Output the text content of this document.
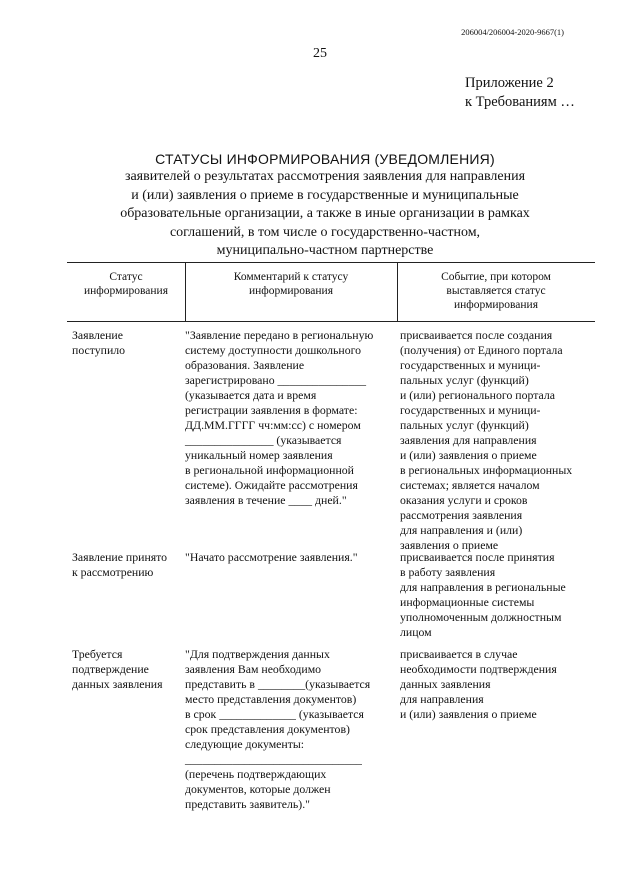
206004/206004-2020-9667(1)
25
Приложение 2
к Требованиям …
СТАТУСЫ ИНФОРМИРОВАНИЯ (УВЕДОМЛЕНИЯ)
заявителей о результатах рассмотрения заявления для направления
и (или) заявления о приеме в государственные и муниципальные
образовательные организации, а также в иные организации в рамках
соглашений, в том числе о государственно-частном,
муниципально-частном партнерстве
Статус
информирования
Комментарий к статусу
информирования
Событие, при котором
выставляется статус
информирования
Заявление
поступило
"Заявление передано в региональную
систему доступности дошкольного
образования. Заявление
зарегистрировано _______________
(указывается дата и время
регистрации заявления в формате:
ДД.ММ.ГГГГ чч:мм:сс) с номером
_______________ (указывается
уникальный номер заявления
в региональной информационной
системе). Ожидайте рассмотрения
заявления в течение ____ дней."
присваивается после создания
(получения) от Единого портала
государственных и муници-
пальных услуг (функций)
и (или) регионального портала
государственных и муници-
пальных услуг (функций)
заявления для направления
и (или) заявления о приеме
в региональных информационных
системах; является началом
оказания услуги и сроков
рассмотрения заявления
для направления и (или)
заявления о приеме
Заявление принято
к рассмотрению
"Начато рассмотрение заявления."	присваивается после принятия
в работу заявления
для направления в региональные
информационные системы
уполномоченным должностным
лицом
Требуется
подтверждение
данных заявления
"Для подтверждения данных
заявления Вам необходимо
представить в ________(указывается
место представления документов)
в срок _____________ (указывается
срок представления документов)
следующие документы:
______________________________
(перечень подтверждающих
документов, которые должен
представить заявитель)."
присваивается в случае
необходимости подтверждения
данных заявления
для направления
и (или) заявления о приеме
